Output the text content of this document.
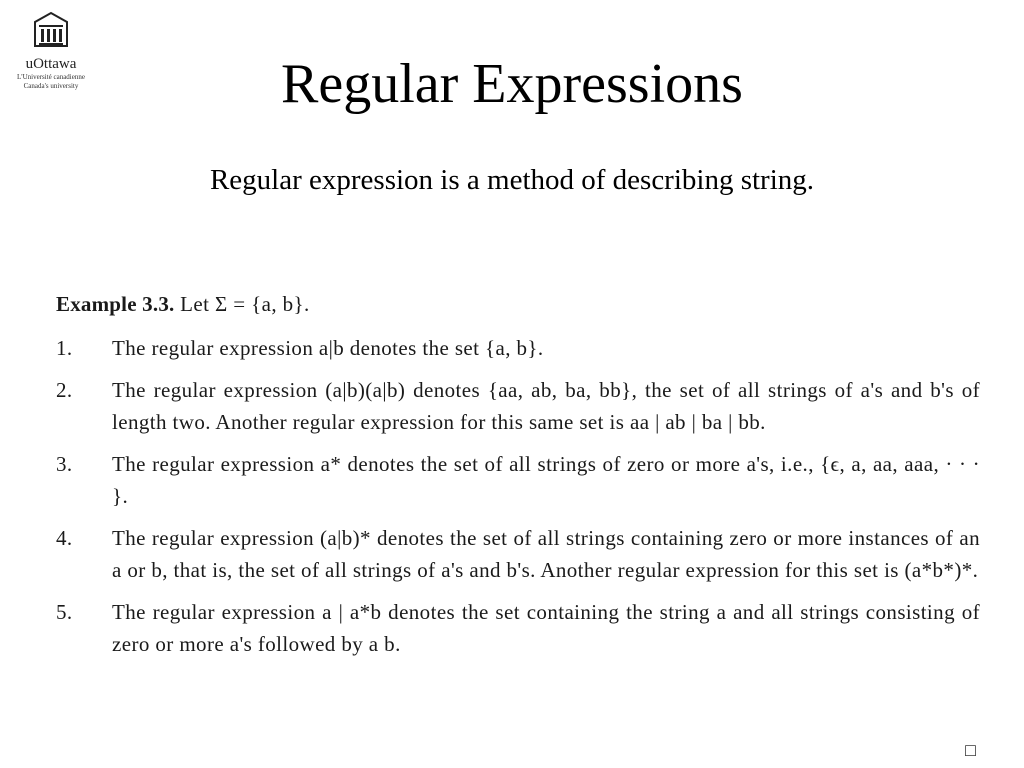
uOttawa
L'Université canadienne
Canada's university	Regular Expressions
Regular expression is a method of describing string.
Example 3.3. Let Σ = {a, b}.
1.	The regular expression a|b denotes the set {a, b}.
2.	The regular expression (a|b)(a|b) denotes {aa, ab, ba, bb}, the set of all strings of a's and b's of length two. Another regular expression for this same set is aa | ab | ba | bb.
3.	The regular expression a* denotes the set of all strings of zero or more a's, i.e., {ϵ, a, aa, aaa, · · · }.
4.	The regular expression (a|b)* denotes the set of all strings containing zero or more instances of an a or b, that is, the set of all strings of a's and b's. Another regular expression for this set is (a*b*)*.
5.	The regular expression a | a*b denotes the set containing the string a and all strings consisting of zero or more a's followed by a b.
□
